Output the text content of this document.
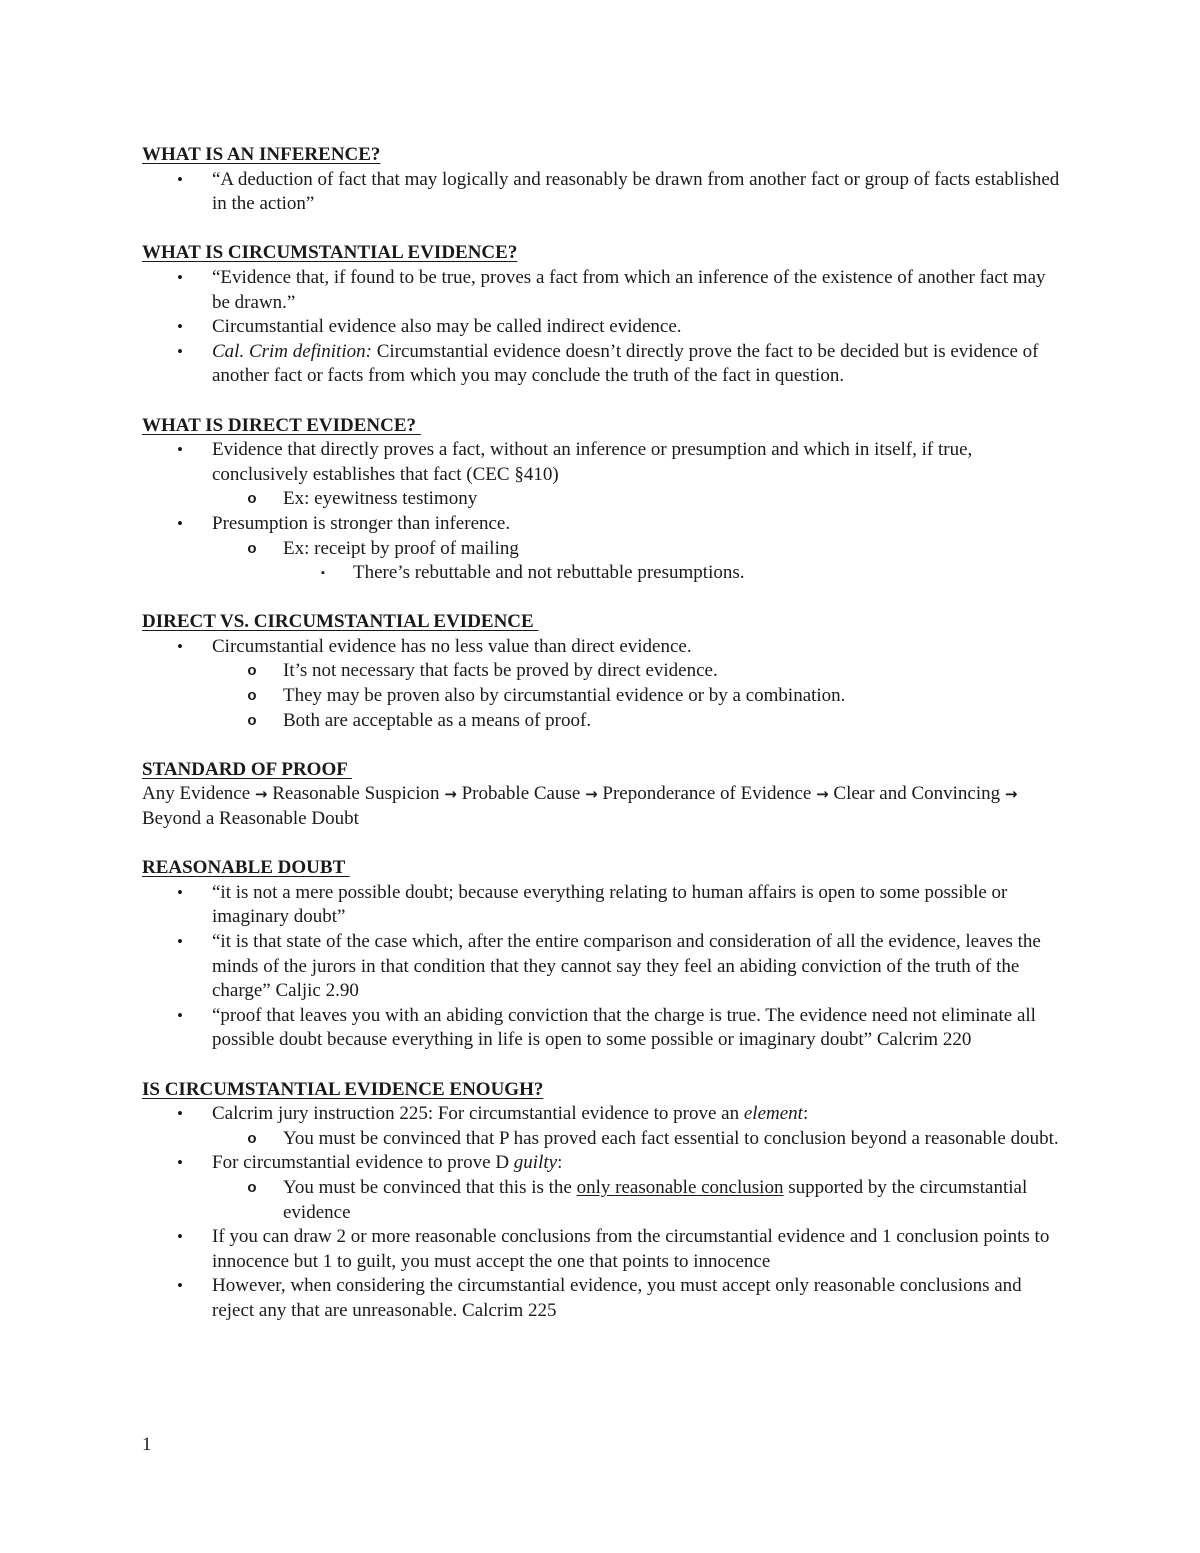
WHAT IS AN INFERENCE?
•	“A deduction of fact that may logically and reasonably be drawn from another fact or group of facts established in the action”
WHAT IS CIRCUMSTANTIAL EVIDENCE?
•	“Evidence that, if found to be true, proves a fact from which an inference of the existence of another fact may be drawn.”
•	Circumstantial evidence also may be called indirect evidence.
•	Cal. Crim definition: Circumstantial evidence doesn’t directly prove the fact to be decided but is evidence of another fact or facts from which you may conclude the truth of the fact in question.
WHAT IS DIRECT EVIDENCE?
•	Evidence that directly proves a fact, without an inference or presumption and which in itself, if true, conclusively establishes that fact (CEC §410)
o Ex: eyewitness testimony
•	Presumption is stronger than inference.
o Ex: receipt by proof of mailing
▪	There’s rebuttable and not rebuttable presumptions.
DIRECT VS. CIRCUMSTANTIAL EVIDENCE
•	Circumstantial evidence has no less value than direct evidence.
o It’s not necessary that facts be proved by direct evidence.
o They may be proven also by circumstantial evidence or by a combination.
o Both are acceptable as a means of proof.
STANDARD OF PROOF
Any Evidence → Reasonable Suspicion → Probable Cause → Preponderance of Evidence → Clear and Convincing → Beyond a Reasonable Doubt
REASONABLE DOUBT
•	“it is not a mere possible doubt; because everything relating to human affairs is open to some possible or imaginary doubt”
•	“it is that state of the case which, after the entire comparison and consideration of all the evidence, leaves the minds of the jurors in that condition that they cannot say they feel an abiding conviction of the truth of the charge” Caljic 2.90
•	“proof that leaves you with an abiding conviction that the charge is true. The evidence need not eliminate all possible doubt because everything in life is open to some possible or imaginary doubt” Calcrim 220
IS CIRCUMSTANTIAL EVIDENCE ENOUGH?
•	Calcrim jury instruction 225: For circumstantial evidence to prove an element:
o You must be convinced that P has proved each fact essential to conclusion beyond a reasonable doubt.
•	For circumstantial evidence to prove D guilty:
o You must be convinced that this is the only reasonable conclusion supported by the circumstantial evidence
•	If you can draw 2 or more reasonable conclusions from the circumstantial evidence and 1 conclusion points to innocence but 1 to guilt, you must accept the one that points to innocence
•	However, when considering the circumstantial evidence, you must accept only reasonable conclusions and reject any that are unreasonable. Calcrim 225
1
